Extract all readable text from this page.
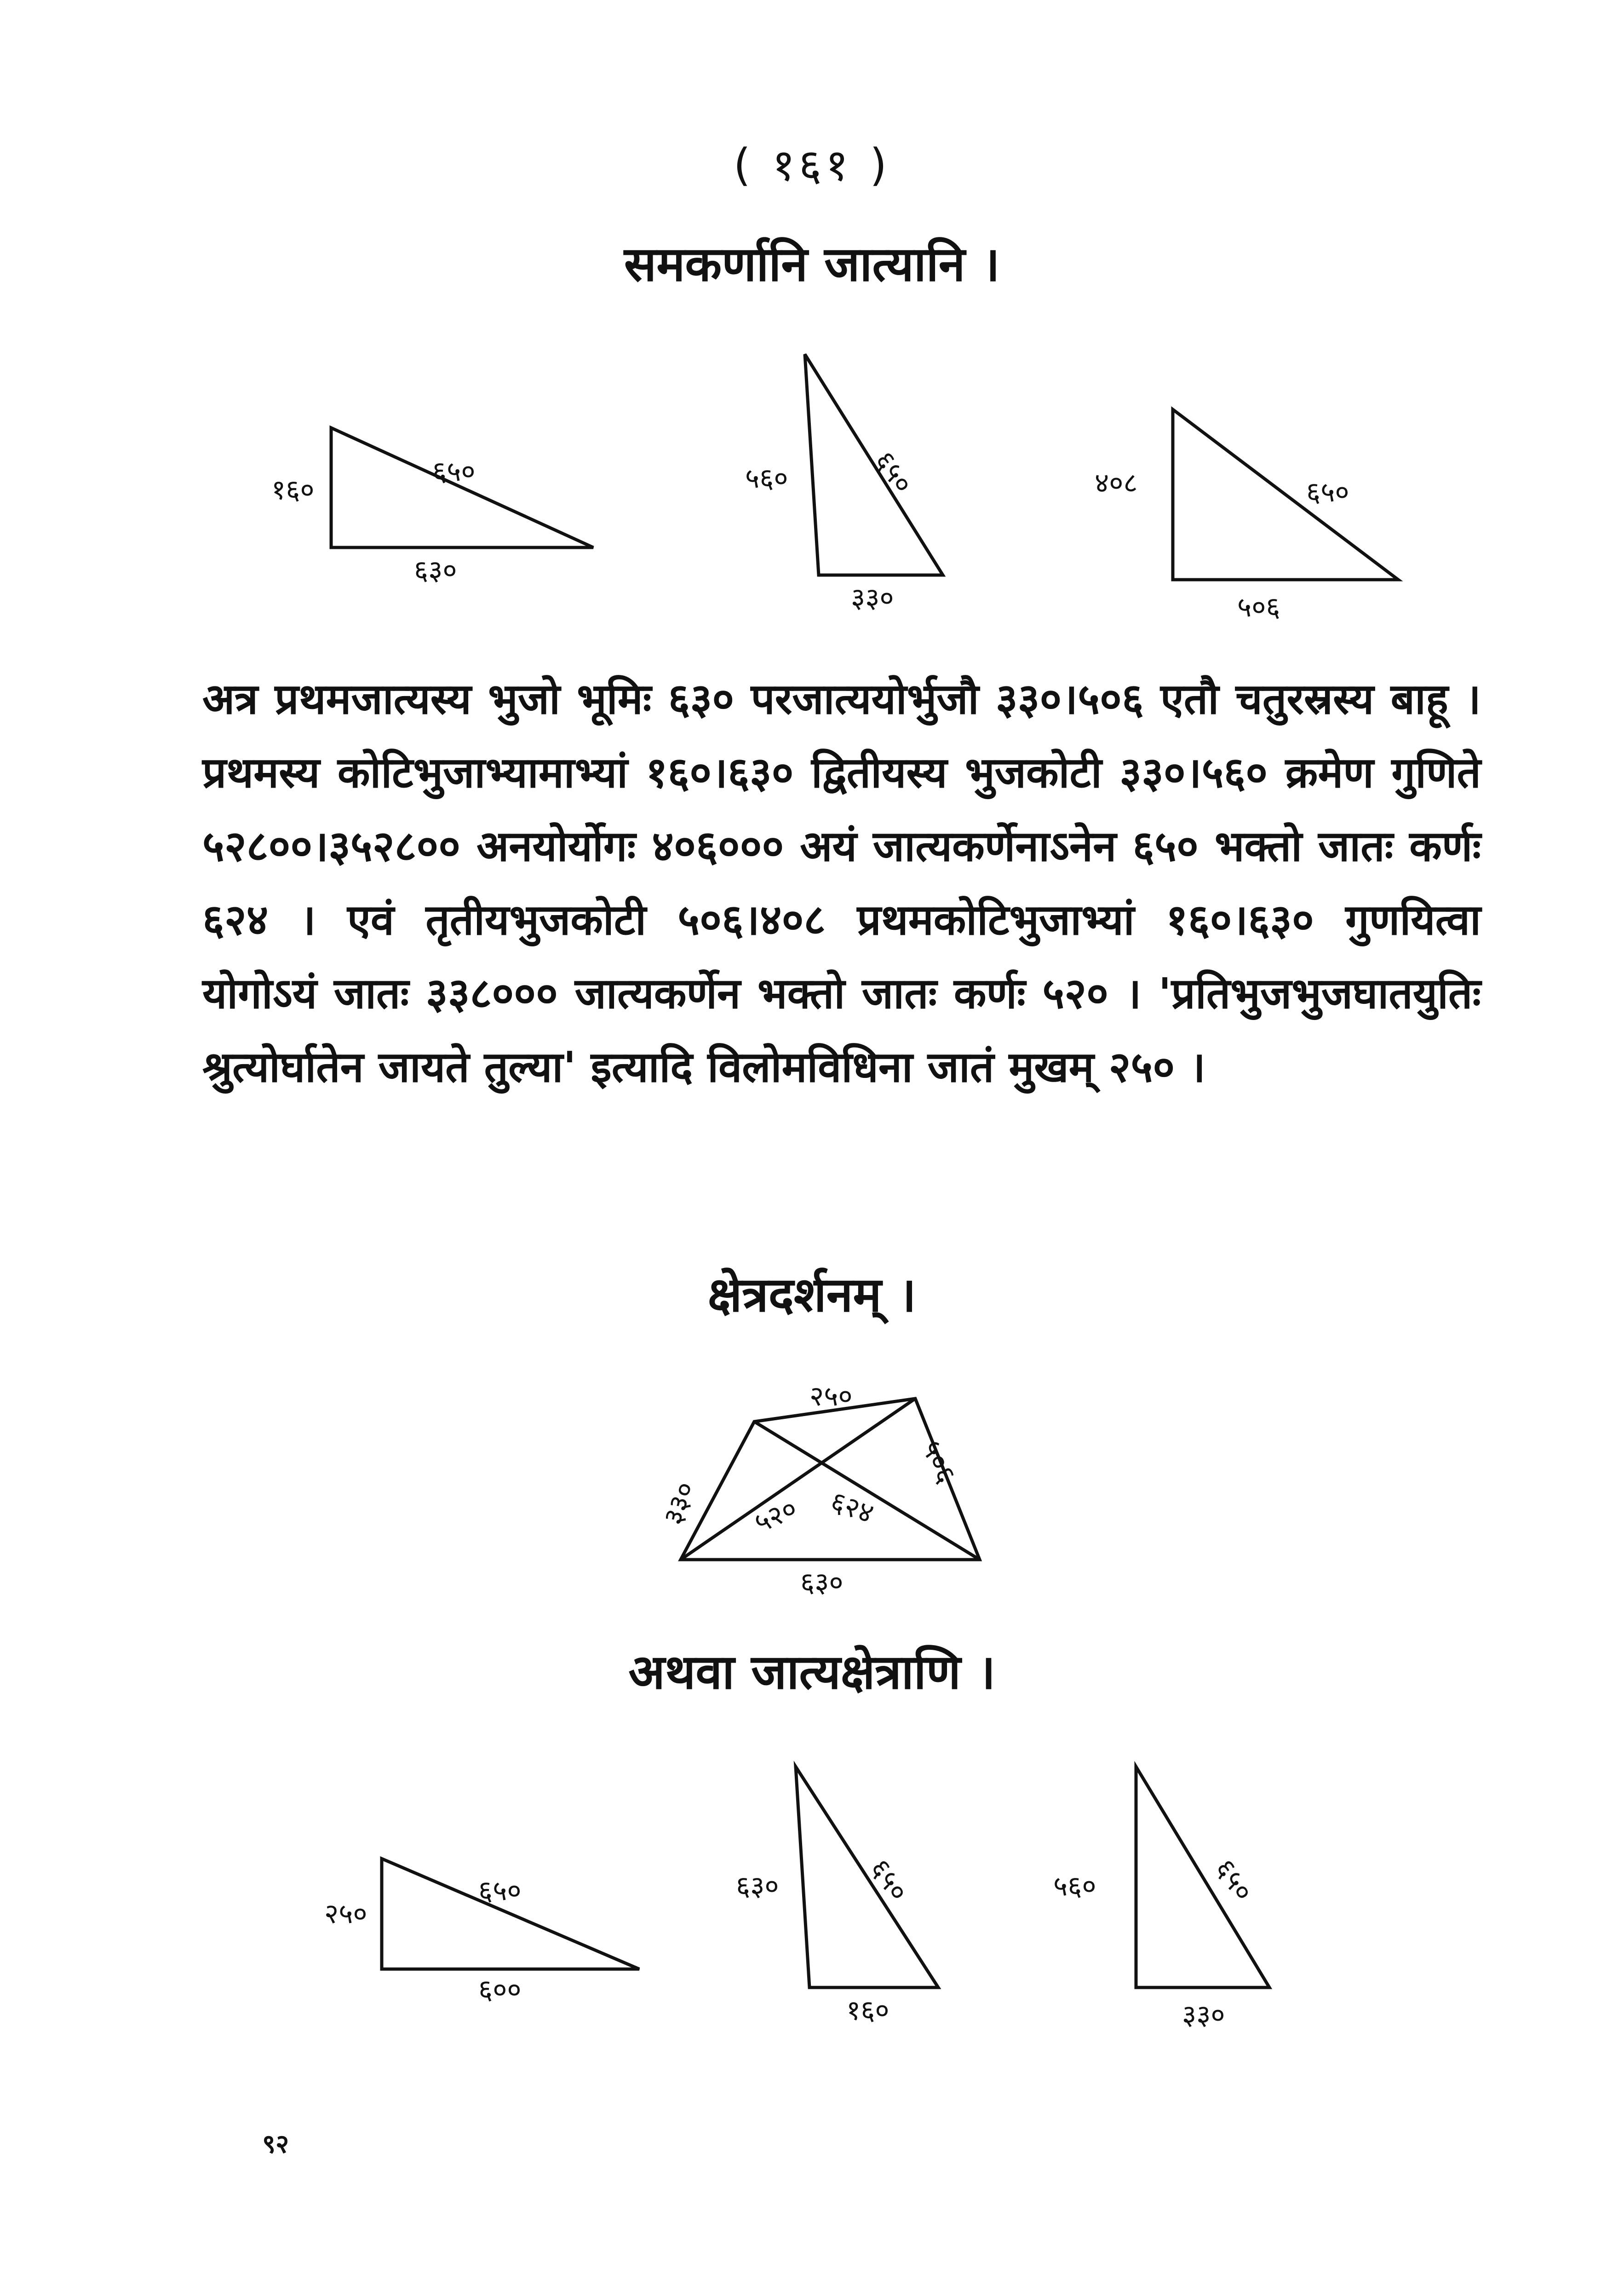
( १६१ )
समकर्णानि जात्यानि ।
१६०
६५०
६३०
५६०	६५०
३३०
४०८	६५०
५०६

अत्र प्रथमजात्यस्य भुजो भूमिः ६३० परजात्ययोर्भुजौ ३३०।५०६ एतौ चतुरस्रस्य बाहू । प्रथमस्य कोटिभुजाभ्यामाभ्यां १६०।६३० द्वितीयस्य भुजकोटी ३३०।५६० क्रमेण गुणिते ५२८००।३५२८०० अनयोर्योगः ४०६००० अयं जात्यकर्णेनाऽनेन ६५० भक्तो जातः कर्णः ६२४ । एवं तृतीयभुजकोटी ५०६।४०८ प्रथमकोटिभुजाभ्यां १६०।६३० गुणयित्वा योगोऽयं जातः ३३८००० जात्यकर्णेन भक्तो जातः कर्णः ५२० । 'प्रतिभुजभुजघातयुतिः श्रुत्योर्घातेन जायते तुल्या' इत्यादि विलोमविधिना जातं मुखम् २५० ।

क्षेत्रदर्शनम् ।
२५०
३३०
५०६
६३०
५२० ६२४
अथवा जात्यक्षेत्राणि ।
२५०
६५०
६००
६३०	६५०
१६०
५६०	६५०
३३०
९२
